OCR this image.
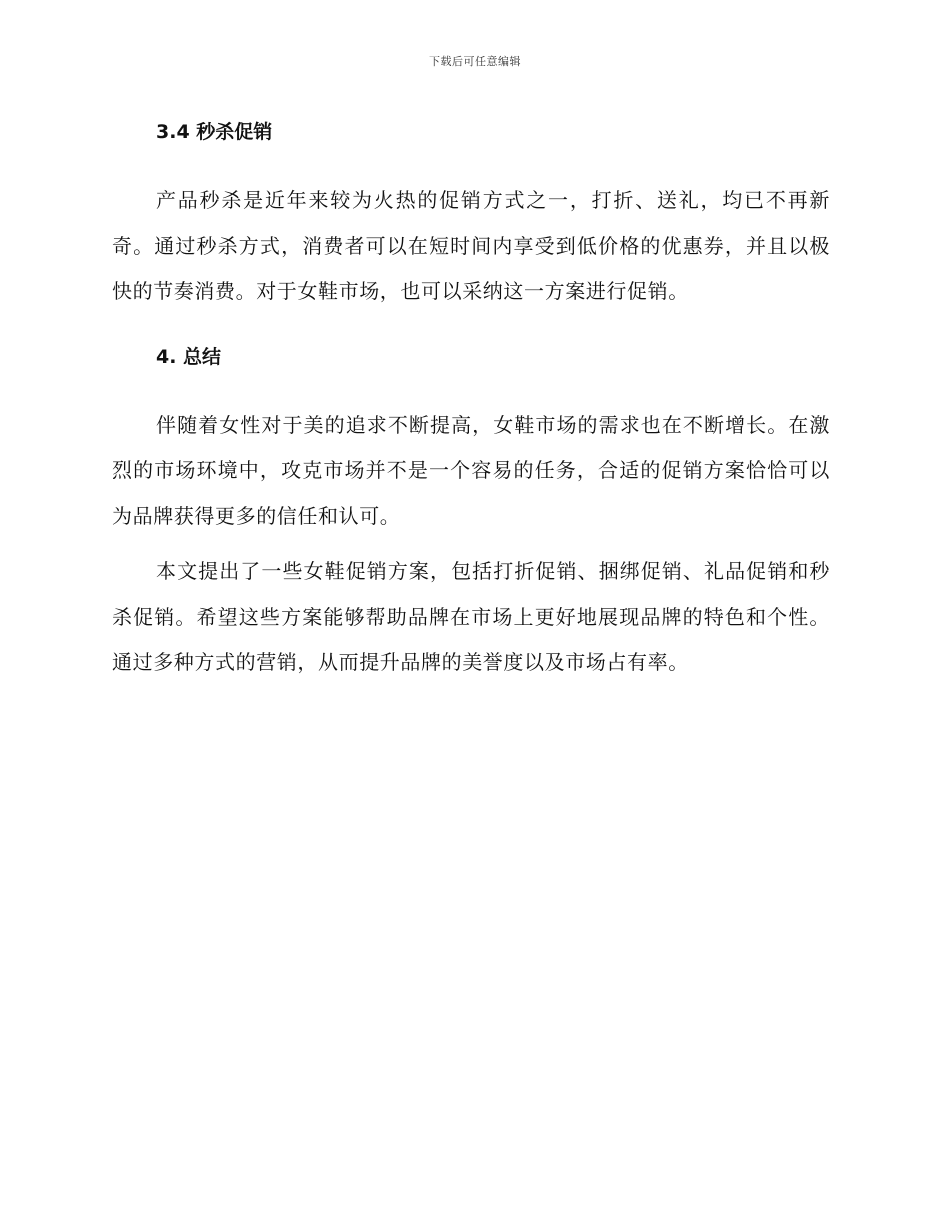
下载后可任意编辑
3.4 秒杀促销

产品秒杀是近年来较为火热的促销方式之一，打折、送礼，均已不再新奇。通过秒杀方式，消费者可以在短时间内享受到低价格的优惠券，并且以极快的节奏消费。对于女鞋市场，也可以采纳这一方案进行促销。

4. 总结

伴随着女性对于美的追求不断提高，女鞋市场的需求也在不断增长。在激烈的市场环境中，攻克市场并不是一个容易的任务，合适的促销方案恰恰可以为品牌获得更多的信任和认可。

本文提出了一些女鞋促销方案，包括打折促销、捆绑促销、礼品促销和秒杀促销。希望这些方案能够帮助品牌在市场上更好地展现品牌的特色和个性。通过多种方式的营销，从而提升品牌的美誉度以及市场占有率。
